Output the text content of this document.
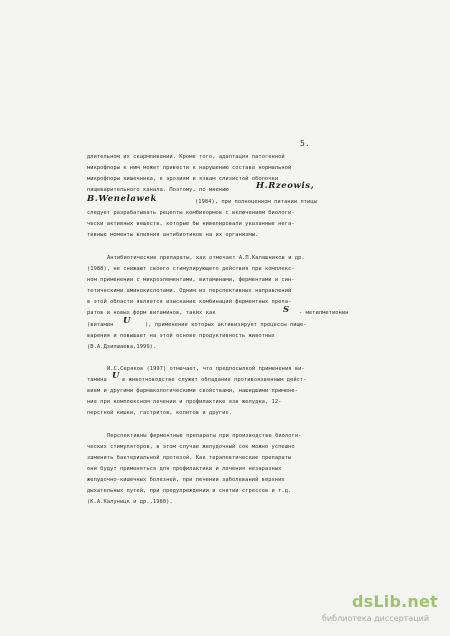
5.
длительном их скармливании. Кроме того, адаптация патогенной
микрофлоры к ним может привести к нарушению состава нормальной
микрофлоры кишечника, к эрозиям и язвам слизистой оболочки
пищеварительного канала. Поэтому, по мнению	H.Rzeowis,
B.Wenelawek	(1984), при полноценном питании птицы
следует разрабатывать рецепты комбикормов с включением биологи-
чески активных веществ, которые бы нивелировали указанные нега-
тивные моменты влияния антибиотиков на их организмы.
Антибиотические препараты, как отмечает А.П.Калашников и др.
(1988), не снижают своего стимулирующего действия при комплекс-
ном применении с микроэлементами, витаминами, ферментами и син-
тетическими аминокислотами. Одним из перспективных направлений
в этой области является изыскание комбинаций ферментных препа-
ратов и новых форм витаминов, таких как	S - метилметионин
(витамин U	), применение которых активизирует процессы пище-
варения и повышает на этой основе продуктивность животных
(В.А.Дзипшаева,1999).
И.С.Серяков (1997) отмечает, что предпосылкой применения ви-
тамина U в животноводстве служит обладание противоязвенным дейст-
вием и другими фармакологическими свойствами, нашедшими примене-
ние при комплексном лечении и профилактике язв желудка, 12-
перстной кишки, гастритов, колитов и других.
Перспективны ферментные препараты при производстве биологи-
ческих стимуляторов, в этом случае желудочный сок можно успешно
заменить бактериальной протезой. Как терапевтические препараты
они будут применяться для профилактики и лечения незаразных
желудочно-кишечных болезней, при лечении заболеваний верхних
дыхательных путей, при предупреждении и снятии стрессов и т.д.
(К.А.Калуницк и др.,1980).
dsLib.net
библиотека диссертаций
